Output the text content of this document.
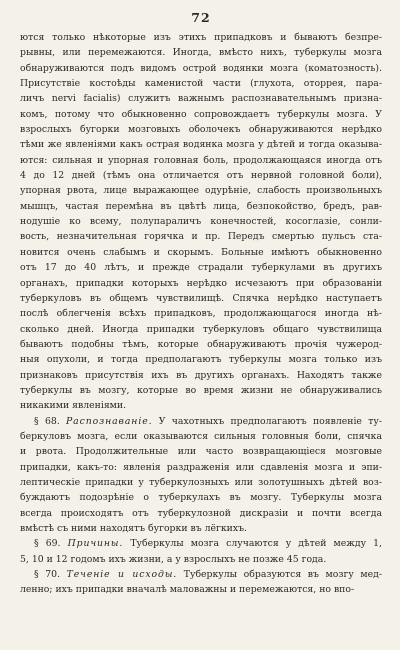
72
ются только нѣкоторые изъ этихъ припадковъ и бываютъ безпре-
рывны, или перемежаются. Иногда, вмѣсто нихъ, туберкулы мозга
обнаруживаются подъ видомъ острой водянки мозга (коматозность).
Присутствіе костоѣды каменистой части (глухота, оторрея, пара-
личъ nervi facialis) служитъ важнымъ распознавательнымъ призна-
комъ, потому что обыкновенно сопровождаетъ туберкулы мозга. У
взрослыхъ бугорки мозговыхъ оболочекъ обнаруживаются нерѣдко
тѣми же явленіями какъ острая водянка мозга у дѣтей и тогда оказыва-
ются: сильная и упорная головная боль, продолжающаяся иногда отъ
4 до 12 дней (тѣмъ она отличается отъ нервной головной боли),
упорная рвота, лице выражающее одурѣніе, слабость произвольныхъ
мышцъ, частая перемѣна въ цвѣтѣ лица, безпокойство, бредъ, рав-
нодушіе ко всему, полупараличъ конечностей, косоглазіе, сонли-
вость, незначительная горячка и пр. Передъ смертью пульсъ ста-
новится очень слабымъ и скорымъ. Больные имѣютъ обыкновенно
отъ 17 до 40 лѣтъ, и прежде страдали туберкулами въ другихъ
органахъ, припадки которыхъ нерѣдко исчезаютъ при образованіи
туберкуловъ въ общемъ чувствилищѣ. Спячка нерѣдко наступаетъ
послѣ облегченія всѣхъ припадковъ, продолжающагося иногда нѣ-
сколько дней. Иногда припадки туберкуловъ общаго чувствилища
бываютъ подобны тѣмъ, которые обнаруживаютъ прочія чужерод-
ныя опухоли, и тогда предполагаютъ туберкулы мозга только изъ
признаковъ присутствія ихъ въ другихъ органахъ. Находятъ также
туберкулы въ мозгу, которые во время жизни не обнаруживались
никакими явленіями.
§ 68. Распознаваніе. У чахотныхъ предполагаютъ появленіе ту-
беркуловъ мозга, если оказываются сильныя головныя боли, спячка
и рвота. Продолжительные или часто возвращающіеся мозговые
припадки, какъ-то: явленія раздраженія или сдавленія мозга и эпи-
лептическіе припадки у туберкулозныхъ или золотушныхъ дѣтей воз-
буждаютъ подозрѣніе о туберкулахъ въ мозгу. Туберкулы мозга
всегда происходятъ отъ туберкулозной дискразіи и почти всегда
вмѣстѣ съ ними находятъ бугорки въ лёгкихъ.
§ 69. Причины. Туберкулы мозга случаются у дѣтей между 1,
5, 10 и 12 годомъ ихъ жизни, а у взрослыхъ не позже 45 года.
§ 70. Теченіе и исходы. Туберкулы образуются въ мозгу мед-
ленно; ихъ припадки вначалѣ маловажны и перемежаются, но впо-
